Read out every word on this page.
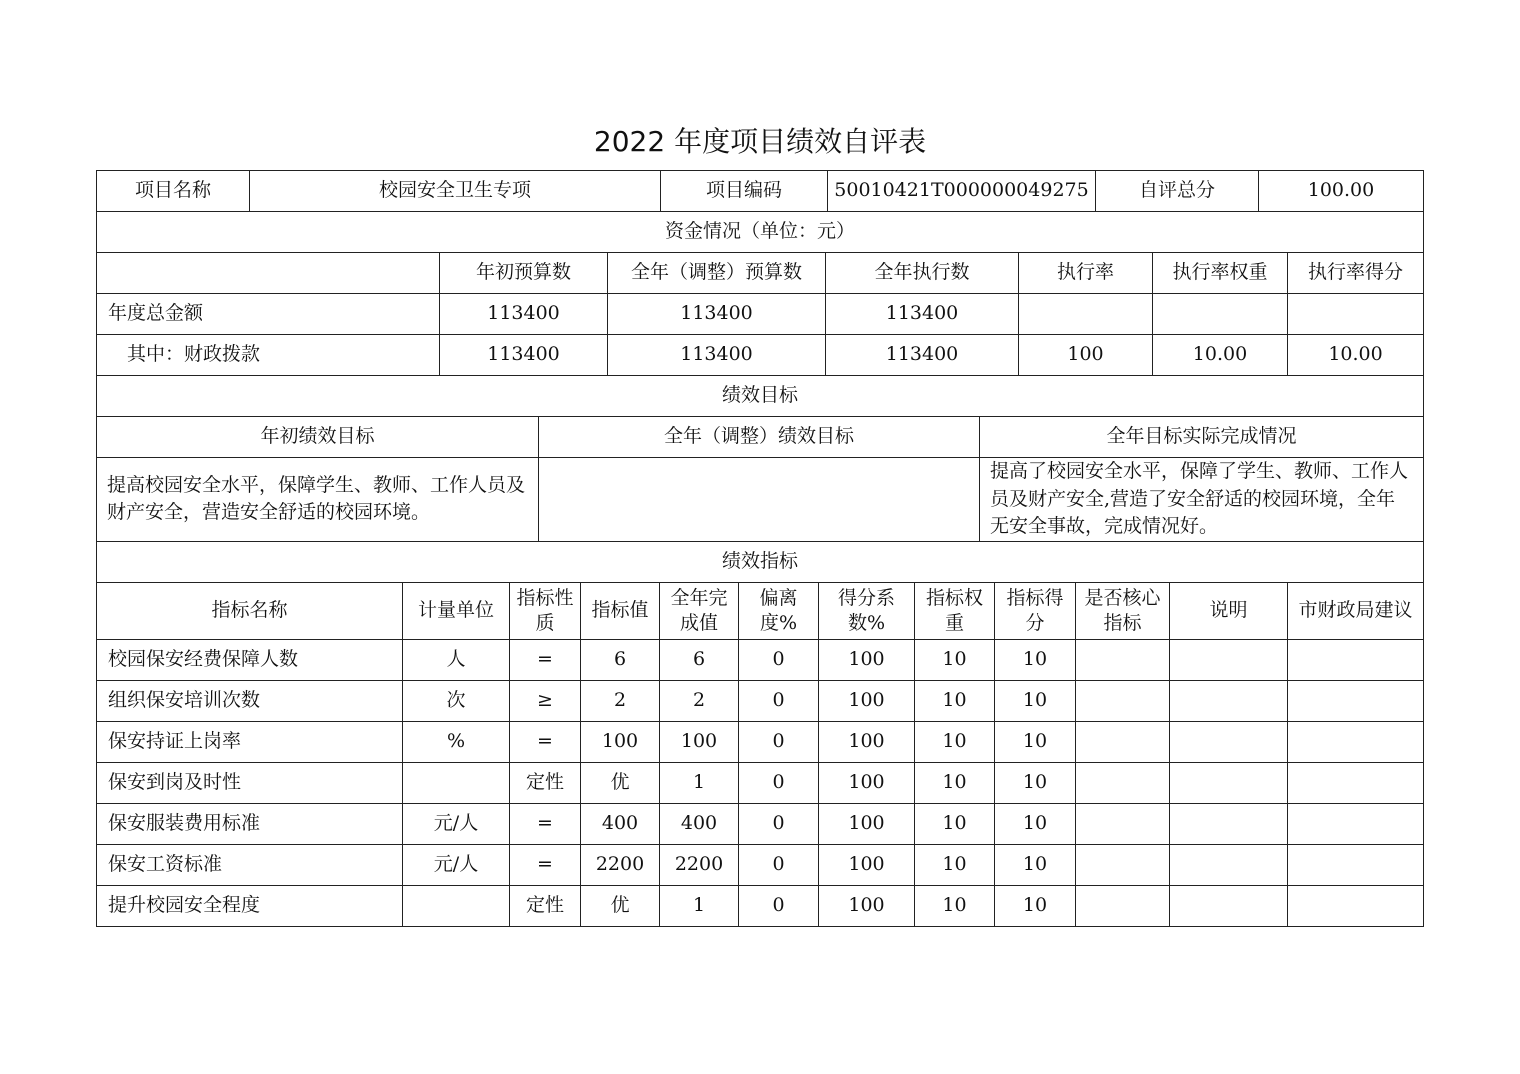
2022 年度项目绩效自评表
项目名称	校园安全卫生专项	项目编码	50010421T000000049275	自评总分	100.00
资金情况（单位：元）						
	年初预算数	全年（调整）预算数	全年执行数	执行率	执行率权重	执行率得分
年度总金额	113400	113400	113400			
　其中：财政拨款	113400	113400	113400	100	10.00	10.00
绩效目标		
年初绩效目标	全年（调整）绩效目标	全年目标实际完成情况
提高校园安全水平，保障学生、教师、工作人员及财产安全，营造安全舒适的校园环境。		提高了校园安全水平，保障了学生、教师、工作人员及财产安全,营造了安全舒适的校园环境，全年无安全事故，完成情况好。
绩效指标											
指标名称	计量单位	指标性质	指标值	全年完成值	偏离度%	得分系数%	指标权重	指标得分	是否核心指标	说明	市财政局建议
校园保安经费保障人数	人	=	6	6	0	100	10	10			
组织保安培训次数	次	≥	2	2	0	100	10	10			
保安持证上岗率	%	=	100	100	0	100	10	10			
保安到岗及时性		定性	优	1	0	100	10	10			
保安服装费用标准	元/人	=	400	400	0	100	10	10			
保安工资标准	元/人	=	2200	2200	0	100	10	10			
提升校园安全程度		定性	优	1	0	100	10	10			
